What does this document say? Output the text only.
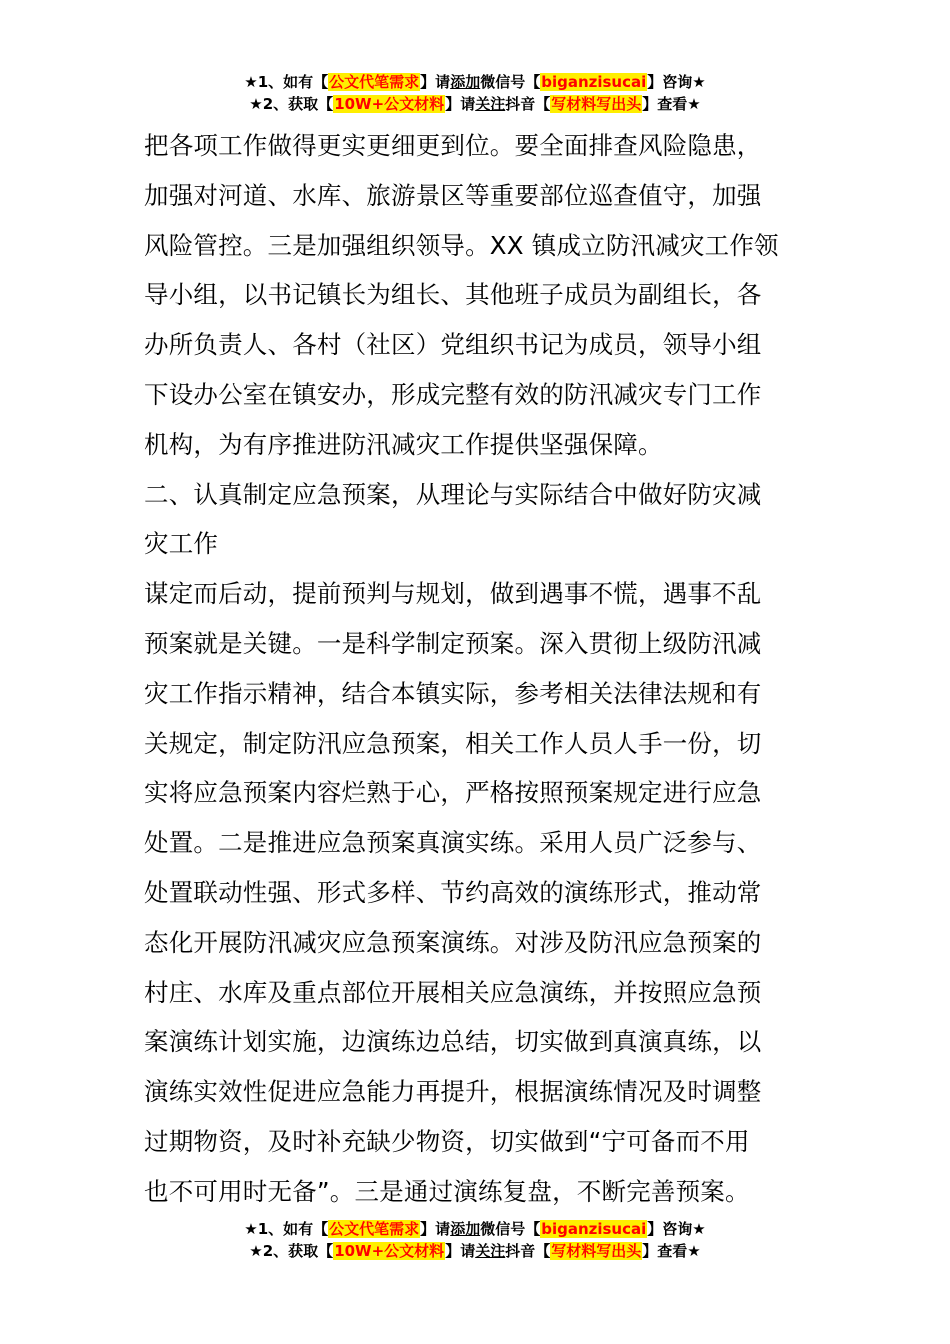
★1、如有【公文代笔需求】请添加微信号【biganzisucai】咨询★
★2、获取【10W+公文材料】请关注抖音【写材料写出头】查看★
把各项工作做得更实更细更到位。要全面排查风险隐患，
加强对河道、水库、旅游景区等重要部位巡查值守，加强
风险管控。三是加强组织领导。XX 镇成立防汛减灾工作领
导小组，以书记镇长为组长、其他班子成员为副组长，各
办所负责人、各村（社区）党组织书记为成员，领导小组
下设办公室在镇安办，形成完整有效的防汛减灾专门工作
机构，为有序推进防汛减灾工作提供坚强保障。
二、认真制定应急预案，从理论与实际结合中做好防灾减
灾工作
谋定而后动，提前预判与规划，做到遇事不慌，遇事不乱
预案就是关键。一是科学制定预案。深入贯彻上级防汛减
灾工作指示精神，结合本镇实际，参考相关法律法规和有
关规定，制定防汛应急预案，相关工作人员人手一份，切
实将应急预案内容烂熟于心，严格按照预案规定进行应急
处置。二是推进应急预案真演实练。采用人员广泛参与、
处置联动性强、形式多样、节约高效的演练形式，推动常
态化开展防汛减灾应急预案演练。对涉及防汛应急预案的
村庄、水库及重点部位开展相关应急演练，并按照应急预
案演练计划实施，边演练边总结，切实做到真演真练，以
演练实效性促进应急能力再提升，根据演练情况及时调整
过期物资，及时补充缺少物资，切实做到“宁可备而不用
也不可用时无备”。三是通过演练复盘，不断完善预案。
★1、如有【公文代笔需求】请添加微信号【biganzisucai】咨询★
★2、获取【10W+公文材料】请关注抖音【写材料写出头】查看★
